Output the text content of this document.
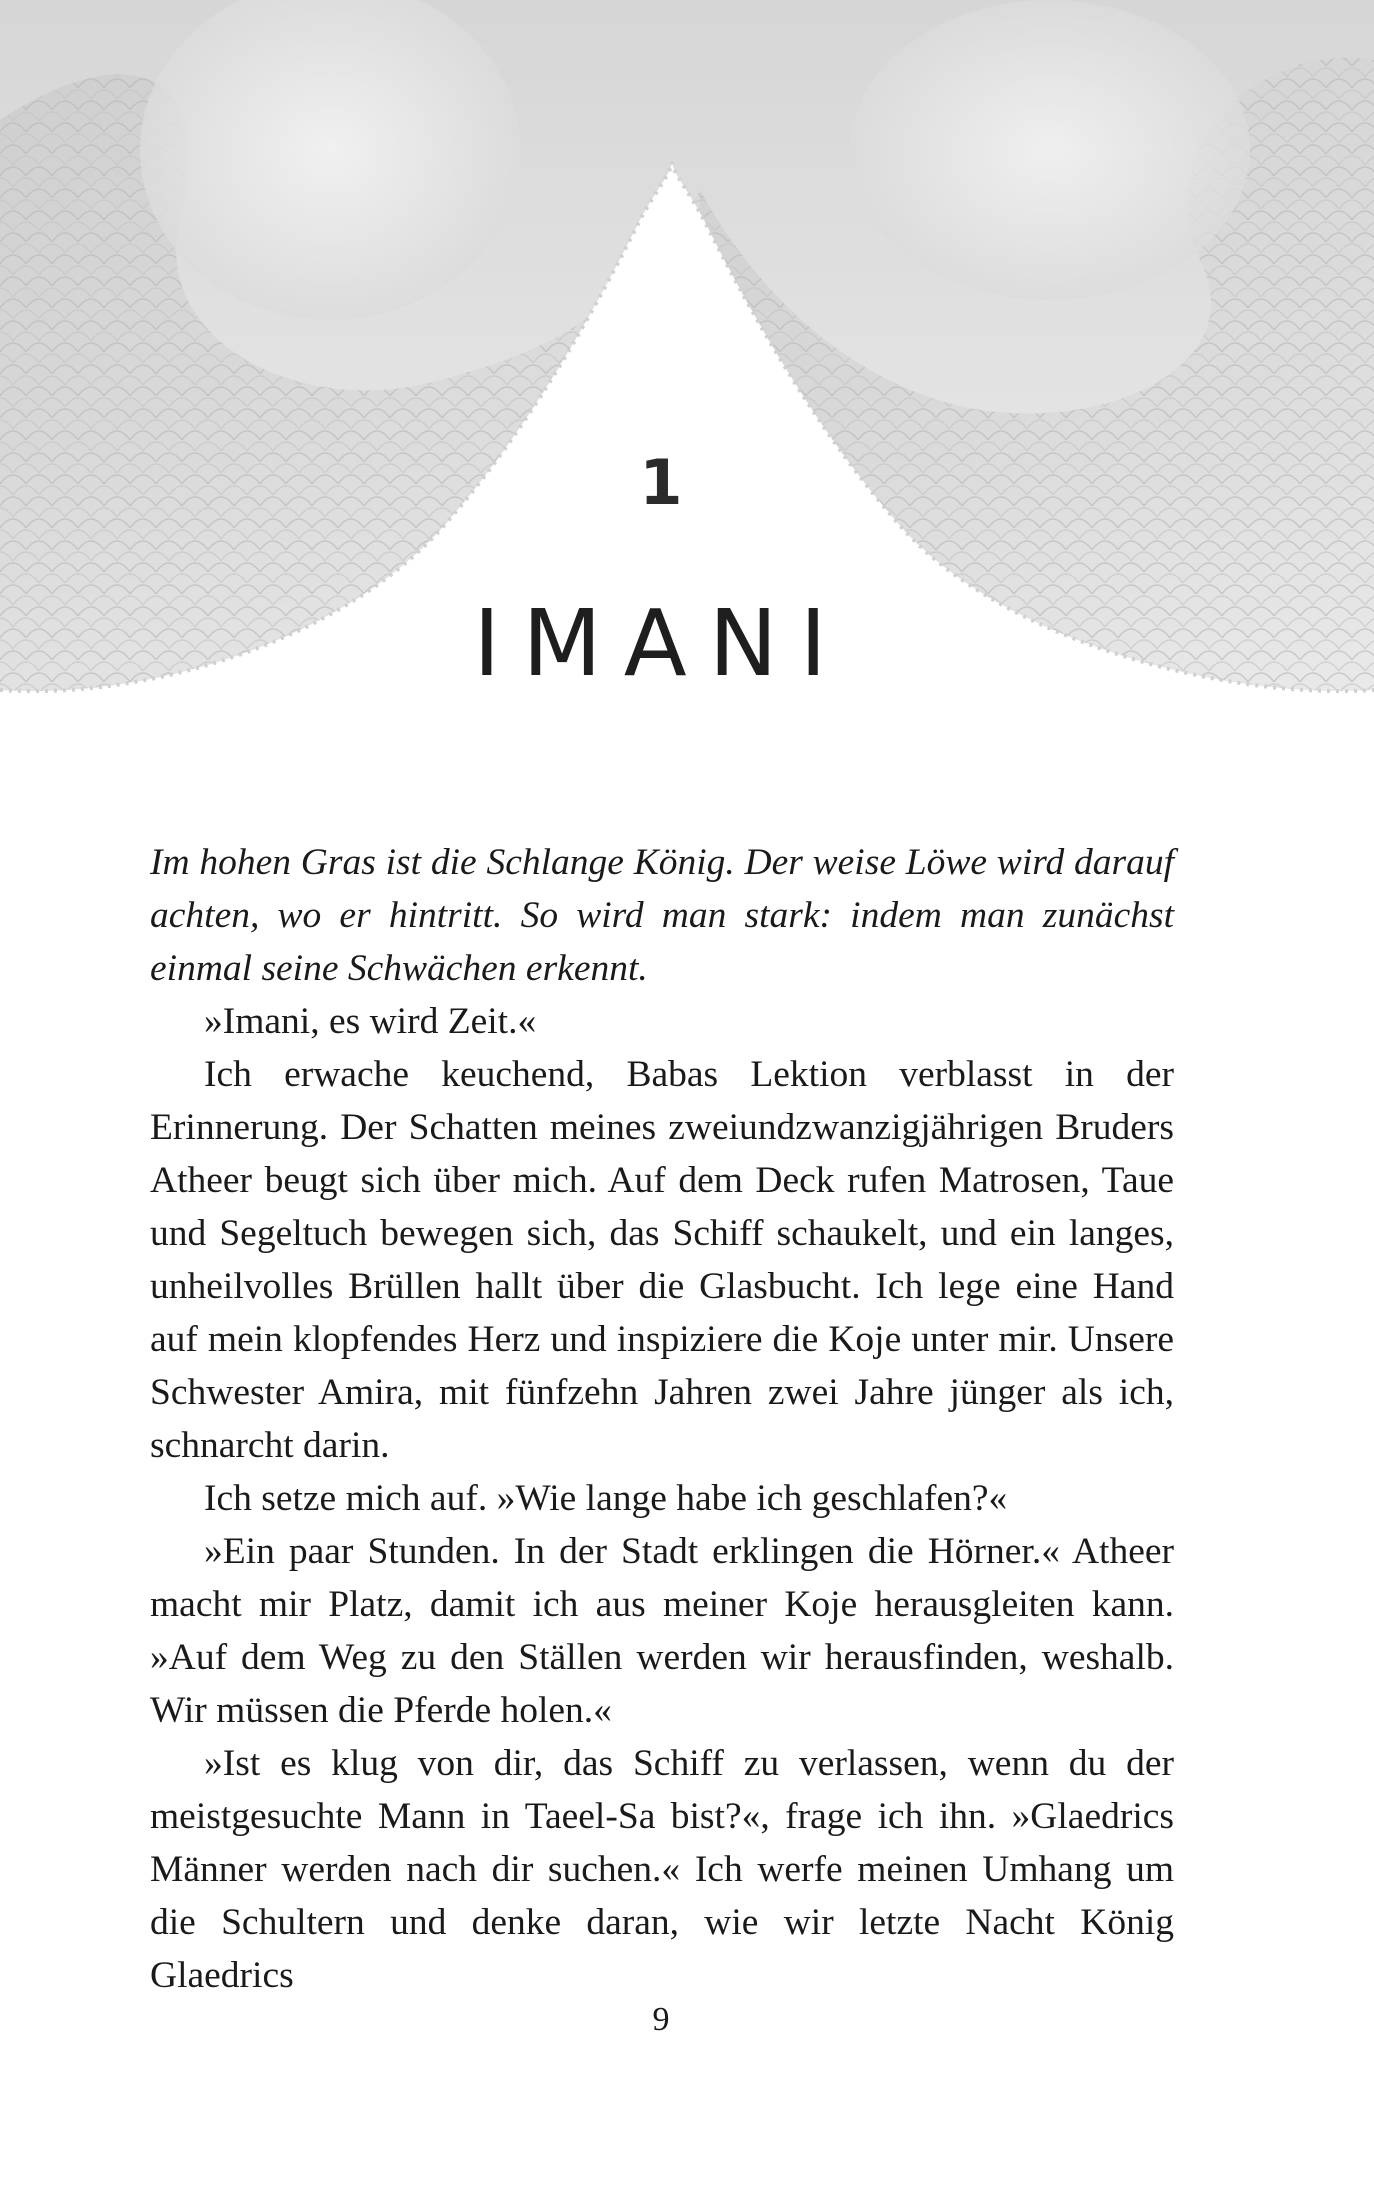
1
IMANI

Im hohen Gras ist die Schlange König. Der weise Löwe wird darauf achten, wo er hintritt. So wird man stark: indem man zunächst einmal seine Schwächen erkennt.

»Imani, es wird Zeit.«

Ich erwache keuchend, Babas Lektion verblasst in der Erinnerung. Der Schatten meines zweiundzwanzigjährigen Bruders Atheer beugt sich über mich. Auf dem Deck rufen Matrosen, Taue und Segeltuch bewegen sich, das Schiff schaukelt, und ein langes, unheilvolles Brüllen hallt über die Glasbucht. Ich lege eine Hand auf mein klopfendes Herz und inspiziere die Koje unter mir. Unsere Schwester Amira, mit fünfzehn Jahren zwei Jahre jünger als ich, schnarcht darin.

Ich setze mich auf. »Wie lange habe ich geschlafen?«

»Ein paar Stunden. In der Stadt erklingen die Hörner.« Atheer macht mir Platz, damit ich aus meiner Koje herausgleiten kann. »Auf dem Weg zu den Ställen werden wir herausfinden, weshalb. Wir müssen die Pferde holen.«

»Ist es klug von dir, das Schiff zu verlassen, wenn du der meistgesuchte Mann in Taeel-Sa bist?«, frage ich ihn. »Glaedrics Männer werden nach dir suchen.« Ich werfe meinen Umhang um die Schultern und denke daran, wie wir letzte Nacht König Glaedrics

9
